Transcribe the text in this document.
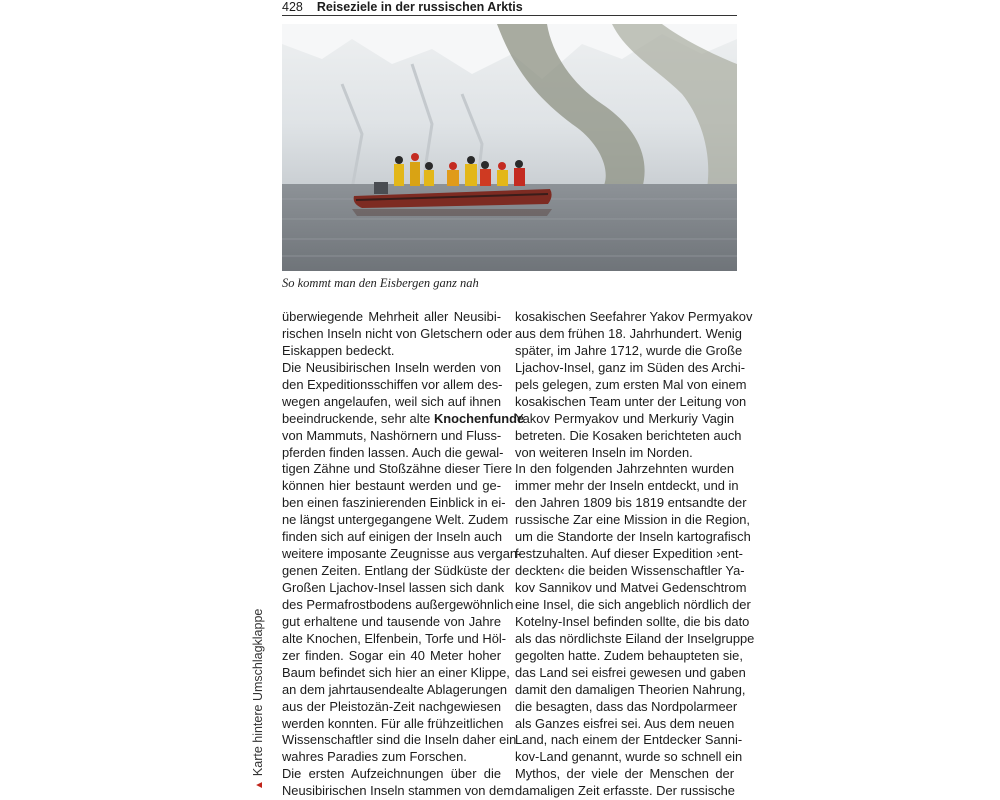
428 Reiseziele in der russischen Arktis
So kommt man den Eisbergen ganz nah
überwiegende Mehrheit aller Neusibi-
rischen Inseln nicht von Gletschern oder
Eiskappen bedeckt.
Die Neusibirischen Inseln werden von
den Expeditionsschiffen vor allem des-
wegen angelaufen, weil sich auf ihnen
beeindruckende, sehr alte Knochenfunde
von Mammuts, Nashörnern und Fluss-
pferden finden lassen. Auch die gewal-
tigen Zähne und Stoßzähne dieser Tiere
können hier bestaunt werden und ge-
ben einen faszinierenden Einblick in ei-
ne längst untergegangene Welt. Zudem
finden sich auf einigen der Inseln auch
weitere imposante Zeugnisse aus vergan-
genen Zeiten. Entlang der Südküste der
Großen Ljachov-Insel lassen sich dank
des Permafrostbodens außergewöhnlich
gut erhaltene und tausende von Jahre
alte Knochen, Elfenbein, Torfe und Höl-
zer finden. Sogar ein 40 Meter hoher
Baum befindet sich hier an einer Klippe,
an dem jahrtausendealte Ablagerungen
aus der Pleistozän-Zeit nachgewiesen
werden konnten. Für alle frühzeitlichen
Wissenschaftler sind die Inseln daher ein
wahres Paradies zum Forschen.
Die ersten Aufzeichnungen über die
Neusibirischen Inseln stammen von dem
kosakischen Seefahrer Yakov Permyakov
aus dem frühen 18. Jahrhundert. Wenig
später, im Jahre 1712, wurde die Große
Ljachov-Insel, ganz im Süden des Archi-
pels gelegen, zum ersten Mal von einem
kosakischen Team unter der Leitung von
Yakov Permyakov und Merkuriy Vagin
betreten. Die Kosaken berichteten auch
von weiteren Inseln im Norden.
In den folgenden Jahrzehnten wurden
immer mehr der Inseln entdeckt, und in
den Jahren 1809 bis 1819 entsandte der
russische Zar eine Mission in die Region,
um die Standorte der Inseln kartografisch
festzuhalten. Auf dieser Expedition ›ent-
deckten‹ die beiden Wissenschaftler Ya-
kov Sannikov und Matvei Gedenschtrom
eine Insel, die sich angeblich nördlich der
Kotelny-Insel befinden sollte, die bis dato
als das nördlichste Eiland der Inselgruppe
gegolten hatte. Zudem behaupteten sie,
das Land sei eisfrei gewesen und gaben
damit den damaligen Theorien Nahrung,
die besagten, dass das Nordpolarmeer
als Ganzes eisfrei sei. Aus dem neuen
Land, nach einem der Entdecker Sanni-
kov-Land genannt, wurde so schnell ein
Mythos, der viele der Menschen der
damaligen Zeit erfasste. Der russische
▲Karte hintere Umschlagklappe
